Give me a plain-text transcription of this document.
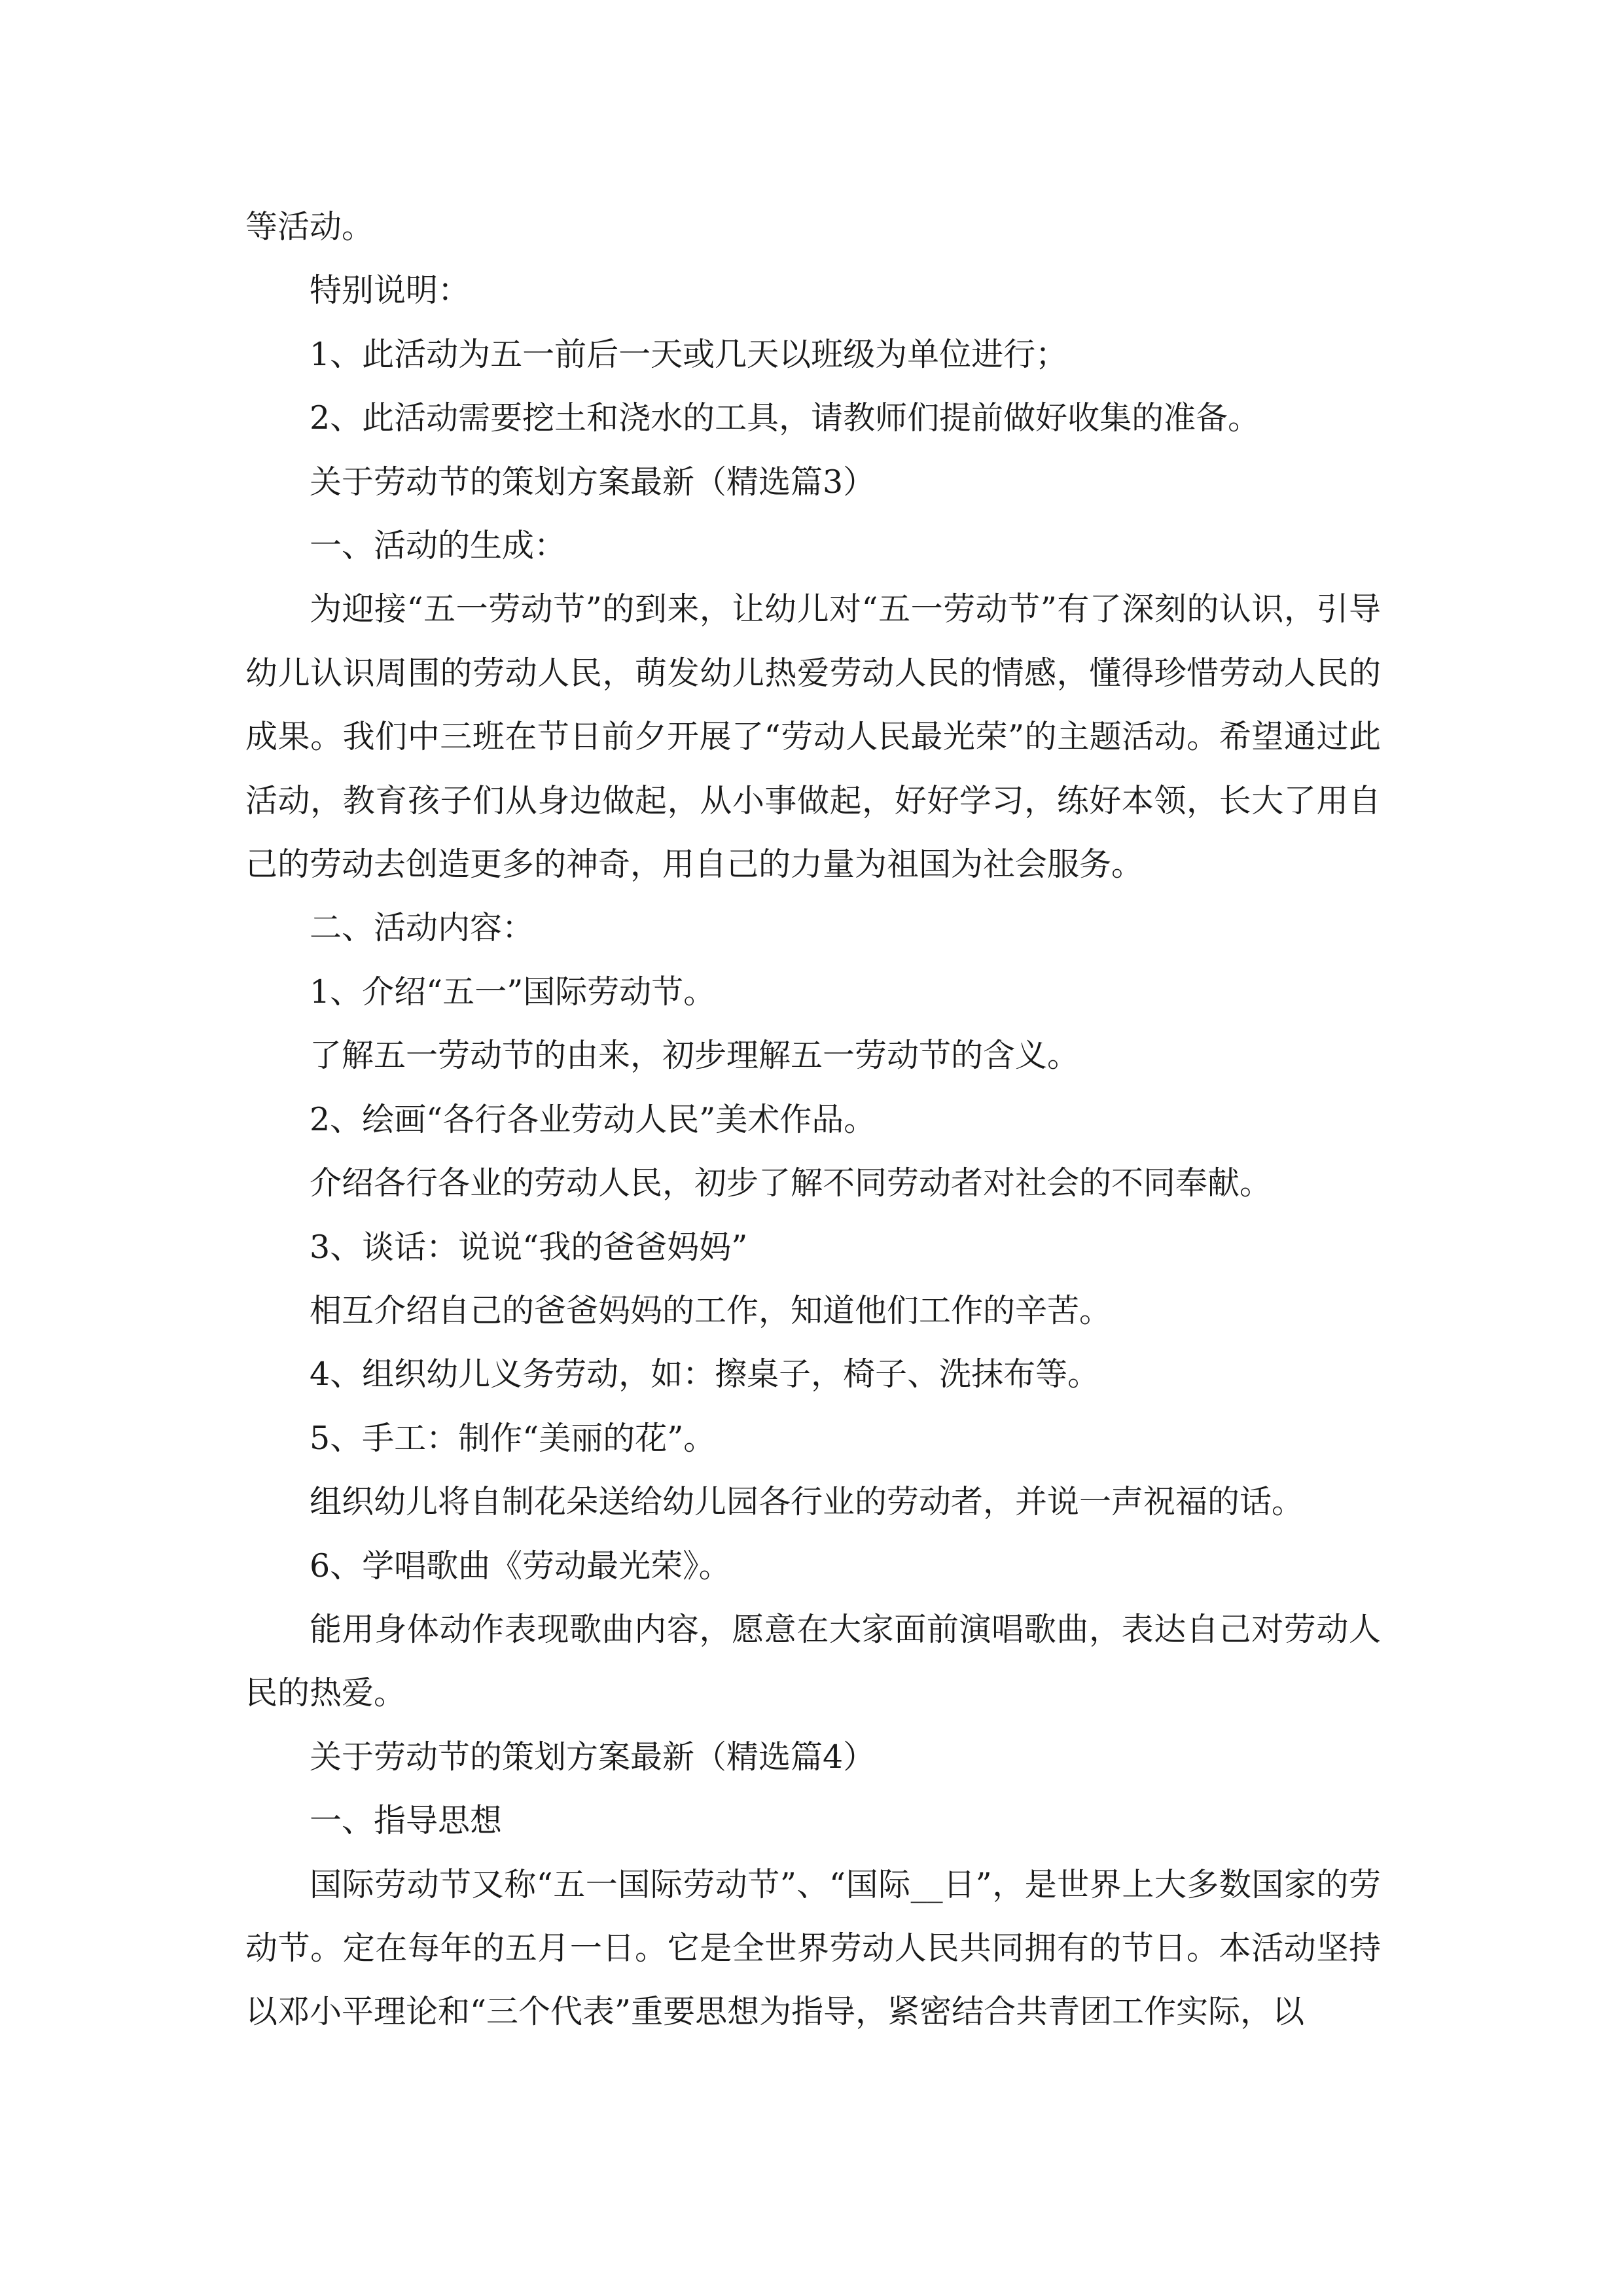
等活动。

特别说明：

1、此活动为五一前后一天或几天以班级为单位进行；

2、此活动需要挖土和浇水的工具，请教师们提前做好收集的准备。

关于劳动节的策划方案最新（精选篇3）

一、活动的生成：

为迎接“五一劳动节”的到来，让幼儿对“五一劳动节”有了深刻的认识，引导幼儿认识周围的劳动人民，萌发幼儿热爱劳动人民的情感，懂得珍惜劳动人民的成果。我们中三班在节日前夕开展了“劳动人民最光荣”的主题活动。希望通过此活动，教育孩子们从身边做起，从小事做起，好好学习，练好本领，长大了用自己的劳动去创造更多的神奇，用自己的力量为祖国为社会服务。

二、活动内容：

1、介绍“五一”国际劳动节。

了解五一劳动节的由来，初步理解五一劳动节的含义。

2、绘画“各行各业劳动人民”美术作品。

介绍各行各业的劳动人民，初步了解不同劳动者对社会的不同奉献。

3、谈话：说说“我的爸爸妈妈”

相互介绍自己的爸爸妈妈的工作，知道他们工作的辛苦。

4、组织幼儿义务劳动，如：擦桌子，椅子、洗抹布等。

5、手工：制作“美丽的花”。

组织幼儿将自制花朵送给幼儿园各行业的劳动者，并说一声祝福的话。

6、学唱歌曲《劳动最光荣》。

能用身体动作表现歌曲内容，愿意在大家面前演唱歌曲，表达自己对劳动人民的热爱。

关于劳动节的策划方案最新（精选篇4）

一、指导思想

国际劳动节又称“五一国际劳动节”、“国际__日”，是世界上大多数国家的劳动节。定在每年的五月一日。它是全世界劳动人民共同拥有的节日。本活动坚持以邓小平理论和“三个代表”重要思想为指导，紧密结合共青团工作实际，以
